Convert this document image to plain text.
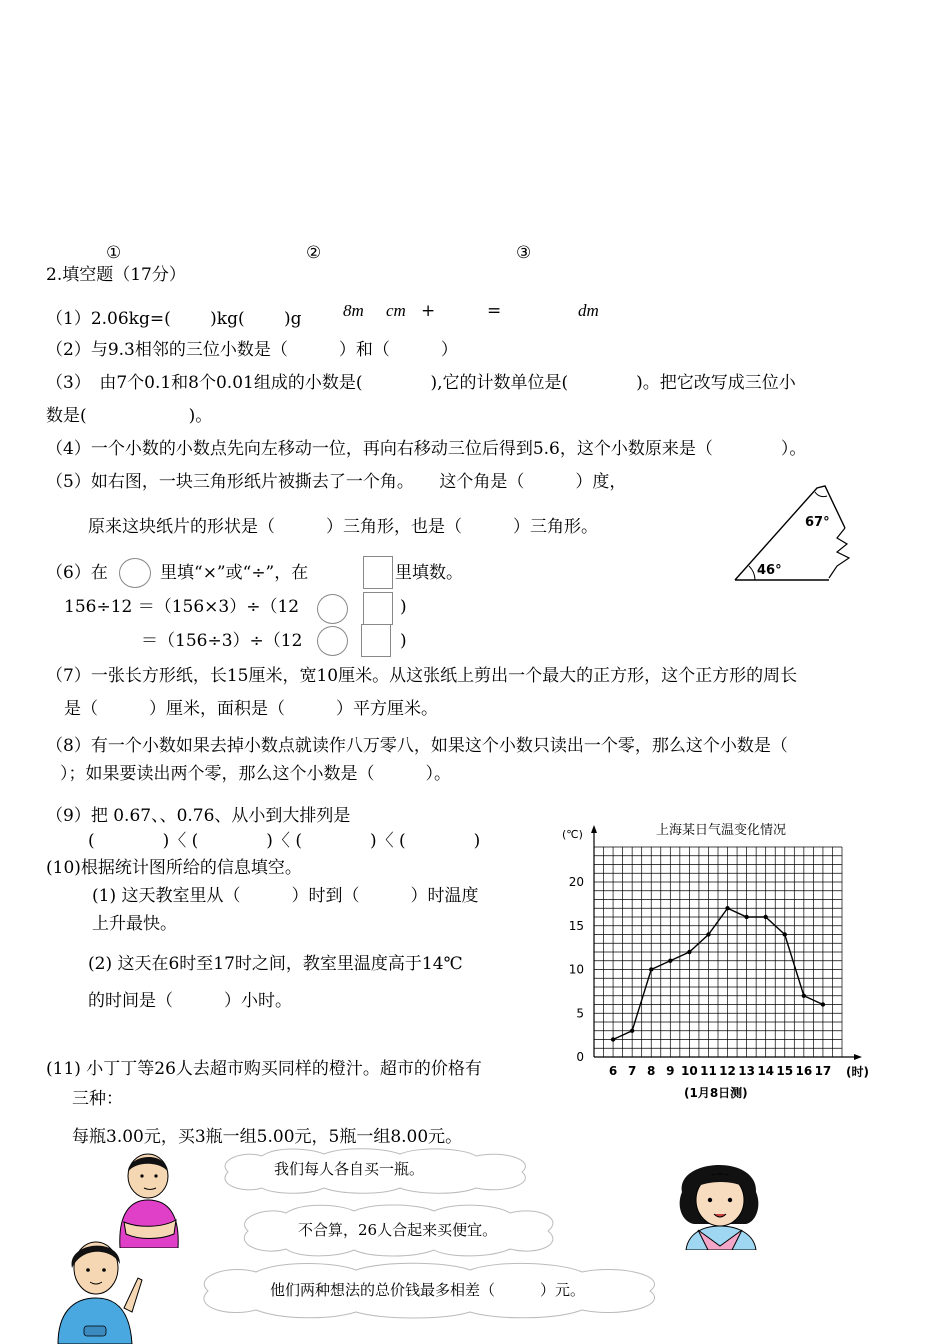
①	②	③
2.填空题（17分）
（1）2.06kg=(　 　)kg(　 　)g 8m cm +	=	dm
（2）与9.3相邻的三位小数是（　　　）和（　　　）
（3）　由7个0.1和8个0.01组成的小数是(　　　　),它的计数单位是(　　　　)。把它改写成三位小
数是(　　　　　　)。
（4）一个小数的小数点先向左移动一位，再向右移动三位后得到5.6，这个小数原来是（　　　　）。
（5）如右图，一块三角形纸片被撕去了一个角。　　这个角是（　　　）度，
原来这块纸片的形状是（　　　）三角形，也是（　　　）三角形。	67°
46°
（6）在	里填“×”或“÷”，在	里填数。
156÷12 ＝（156×3）÷（12	)
＝（156÷3）÷（12	)
（7）一张长方形纸，长15厘米，宽10厘米。从这张纸上剪出一个最大的正方形，这个正方形的周长
是（　　　）厘米，面积是（　　　）平方厘米。
（8）有一个小数如果去掉小数点就读作八万零八，如果这个小数只读出一个零，那么这个小数是（
）；如果要读出两个零，那么这个小数是（　　　）。
（9）把 0.67、、0.76、从小到大排列是
(　　　　)〈 (　　　　)〈 (　　　　)〈 (　　　　)
(10)根据统计图所给的信息填空。
(1) 这天教室里从（　　　）时到（　　　）时温度
上升最快。
(2) 这天在6时至17时之间，教室里温度高于14℃
的时间是（　　　）小时。
上海某日气温变化情况
(℃)
(时)
(1月8日测)
0
5
10
15
20
6 7 8 9 10 11 12 13 14 15 16 17
(11) 小丁丁等26人去超市购买同样的橙汁。超市的价格有
三种：
每瓶3.00元，买3瓶一组5.00元，5瓶一组8.00元。
我们每人各自买一瓶。
不合算，26人合起来买便宜。
他们两种想法的总价钱最多相差（　　　）元。
